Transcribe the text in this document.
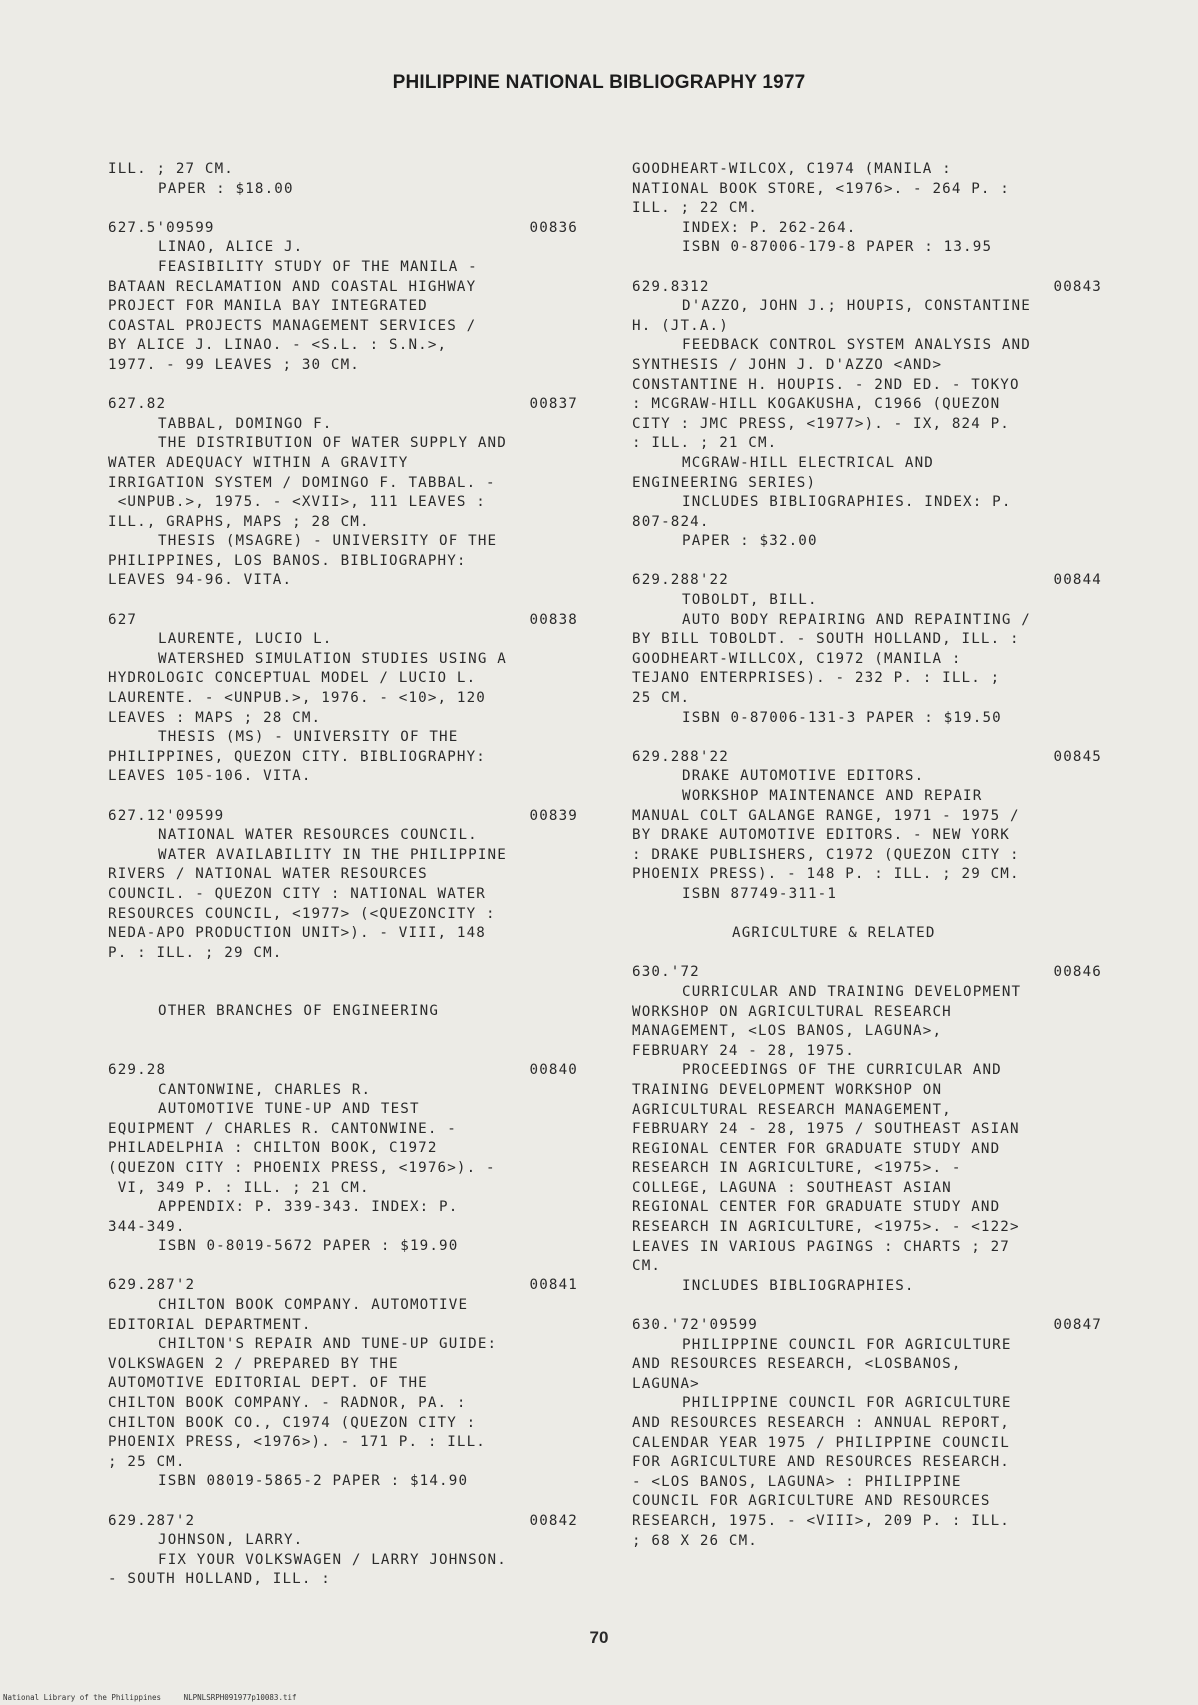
PHILIPPINE NATIONAL BIBLIOGRAPHY 1977
ILL. ; 27 CM.
PAPER : $18.00
627.5'09599	00836
LINAO, ALICE J.
FEASIBILITY STUDY OF THE MANILA -
BATAAN RECLAMATION AND COASTAL HIGHWAY
PROJECT FOR MANILA BAY INTEGRATED
COASTAL PROJECTS MANAGEMENT SERVICES /
BY ALICE J. LINAO. - <S.L. : S.N.>,
1977. - 99 LEAVES ; 30 CM.
627.82	00837
TABBAL, DOMINGO F.
THE DISTRIBUTION OF WATER SUPPLY AND
WATER ADEQUACY WITHIN A GRAVITY
IRRIGATION SYSTEM / DOMINGO F. TABBAL. -
<UNPUB.>, 1975. - <XVII>, 111 LEAVES :
ILL., GRAPHS, MAPS ; 28 CM.
THESIS (MSAGRE) - UNIVERSITY OF THE
PHILIPPINES, LOS BANOS. BIBLIOGRAPHY:
LEAVES 94-96. VITA.
627	00838
LAURENTE, LUCIO L.
WATERSHED SIMULATION STUDIES USING A
HYDROLOGIC CONCEPTUAL MODEL / LUCIO L.
LAURENTE. - <UNPUB.>, 1976. - <10>, 120
LEAVES : MAPS ; 28 CM.
THESIS (MS) - UNIVERSITY OF THE
PHILIPPINES, QUEZON CITY. BIBLIOGRAPHY:
LEAVES 105-106. VITA.
627.12'09599	00839
NATIONAL WATER RESOURCES COUNCIL.
WATER AVAILABILITY IN THE PHILIPPINE
RIVERS / NATIONAL WATER RESOURCES
COUNCIL. - QUEZON CITY : NATIONAL WATER
RESOURCES COUNCIL, <1977> (<QUEZONCITY :
NEDA-APO PRODUCTION UNIT>). - VIII, 148
P. : ILL. ; 29 CM.
OTHER BRANCHES OF ENGINEERING
629.28	00840
CANTONWINE, CHARLES R.
AUTOMOTIVE TUNE-UP AND TEST
EQUIPMENT / CHARLES R. CANTONWINE. -
PHILADELPHIA : CHILTON BOOK, C1972
(QUEZON CITY : PHOENIX PRESS, <1976>). -
VI, 349 P. : ILL. ; 21 CM.
APPENDIX: P. 339-343. INDEX: P.
344-349.
ISBN 0-8019-5672 PAPER : $19.90
629.287'2	00841
CHILTON BOOK COMPANY. AUTOMOTIVE
EDITORIAL DEPARTMENT.
CHILTON'S REPAIR AND TUNE-UP GUIDE:
VOLKSWAGEN 2 / PREPARED BY THE
AUTOMOTIVE EDITORIAL DEPT. OF THE
CHILTON BOOK COMPANY. - RADNOR, PA. :
CHILTON BOOK CO., C1974 (QUEZON CITY :
PHOENIX PRESS, <1976>). - 171 P. : ILL.
; 25 CM.
ISBN 08019-5865-2 PAPER : $14.90
629.287'2	00842
JOHNSON, LARRY.
FIX YOUR VOLKSWAGEN / LARRY JOHNSON.
- SOUTH HOLLAND, ILL. :
GOODHEART-WILCOX, C1974 (MANILA :
NATIONAL BOOK STORE, <1976>. - 264 P. :
ILL. ; 22 CM.
INDEX: P. 262-264.
ISBN 0-87006-179-8 PAPER : 13.95
629.8312	00843
D'AZZO, JOHN J.; HOUPIS, CONSTANTINE
H. (JT.A.)
FEEDBACK CONTROL SYSTEM ANALYSIS AND
SYNTHESIS / JOHN J. D'AZZO <AND>
CONSTANTINE H. HOUPIS. - 2ND ED. - TOKYO
: MCGRAW-HILL KOGAKUSHA, C1966 (QUEZON
CITY : JMC PRESS, <1977>). - IX, 824 P.
: ILL. ; 21 CM.
MCGRAW-HILL ELECTRICAL AND
ENGINEERING SERIES)
INCLUDES BIBLIOGRAPHIES. INDEX: P.
807-824.
PAPER : $32.00
629.288'22	00844
TOBOLDT, BILL.
AUTO BODY REPAIRING AND REPAINTING /
BY BILL TOBOLDT. - SOUTH HOLLAND, ILL. :
GOODHEART-WILLCOX, C1972 (MANILA :
TEJANO ENTERPRISES). - 232 P. : ILL. ;
25 CM.
ISBN 0-87006-131-3 PAPER : $19.50
629.288'22	00845
DRAKE AUTOMOTIVE EDITORS.
WORKSHOP MAINTENANCE AND REPAIR
MANUAL COLT GALANGE RANGE, 1971 - 1975 /
BY DRAKE AUTOMOTIVE EDITORS. - NEW YORK
: DRAKE PUBLISHERS, C1972 (QUEZON CITY :
PHOENIX PRESS). - 148 P. : ILL. ; 29 CM.
ISBN 87749-311-1
AGRICULTURE & RELATED
630.'72	00846
CURRICULAR AND TRAINING DEVELOPMENT
WORKSHOP ON AGRICULTURAL RESEARCH
MANAGEMENT, <LOS BANOS, LAGUNA>,
FEBRUARY 24 - 28, 1975.
PROCEEDINGS OF THE CURRICULAR AND
TRAINING DEVELOPMENT WORKSHOP ON
AGRICULTURAL RESEARCH MANAGEMENT,
FEBRUARY 24 - 28, 1975 / SOUTHEAST ASIAN
REGIONAL CENTER FOR GRADUATE STUDY AND
RESEARCH IN AGRICULTURE, <1975>. -
COLLEGE, LAGUNA : SOUTHEAST ASIAN
REGIONAL CENTER FOR GRADUATE STUDY AND
RESEARCH IN AGRICULTURE, <1975>. - <122>
LEAVES IN VARIOUS PAGINGS : CHARTS ; 27
CM.
INCLUDES BIBLIOGRAPHIES.
630.'72'09599	00847
PHILIPPINE COUNCIL FOR AGRICULTURE
AND RESOURCES RESEARCH, <LOSBANOS,
LAGUNA>
PHILIPPINE COUNCIL FOR AGRICULTURE
AND RESOURCES RESEARCH : ANNUAL REPORT,
CALENDAR YEAR 1975 / PHILIPPINE COUNCIL
FOR AGRICULTURE AND RESOURCES RESEARCH.
- <LOS BANOS, LAGUNA> : PHILIPPINE
COUNCIL FOR AGRICULTURE AND RESOURCES
RESEARCH, 1975. - <VIII>, 209 P. : ILL.
; 68 X 26 CM.
70
National Library of the Philippines     NLPNLSRPH091977p10083.tif
